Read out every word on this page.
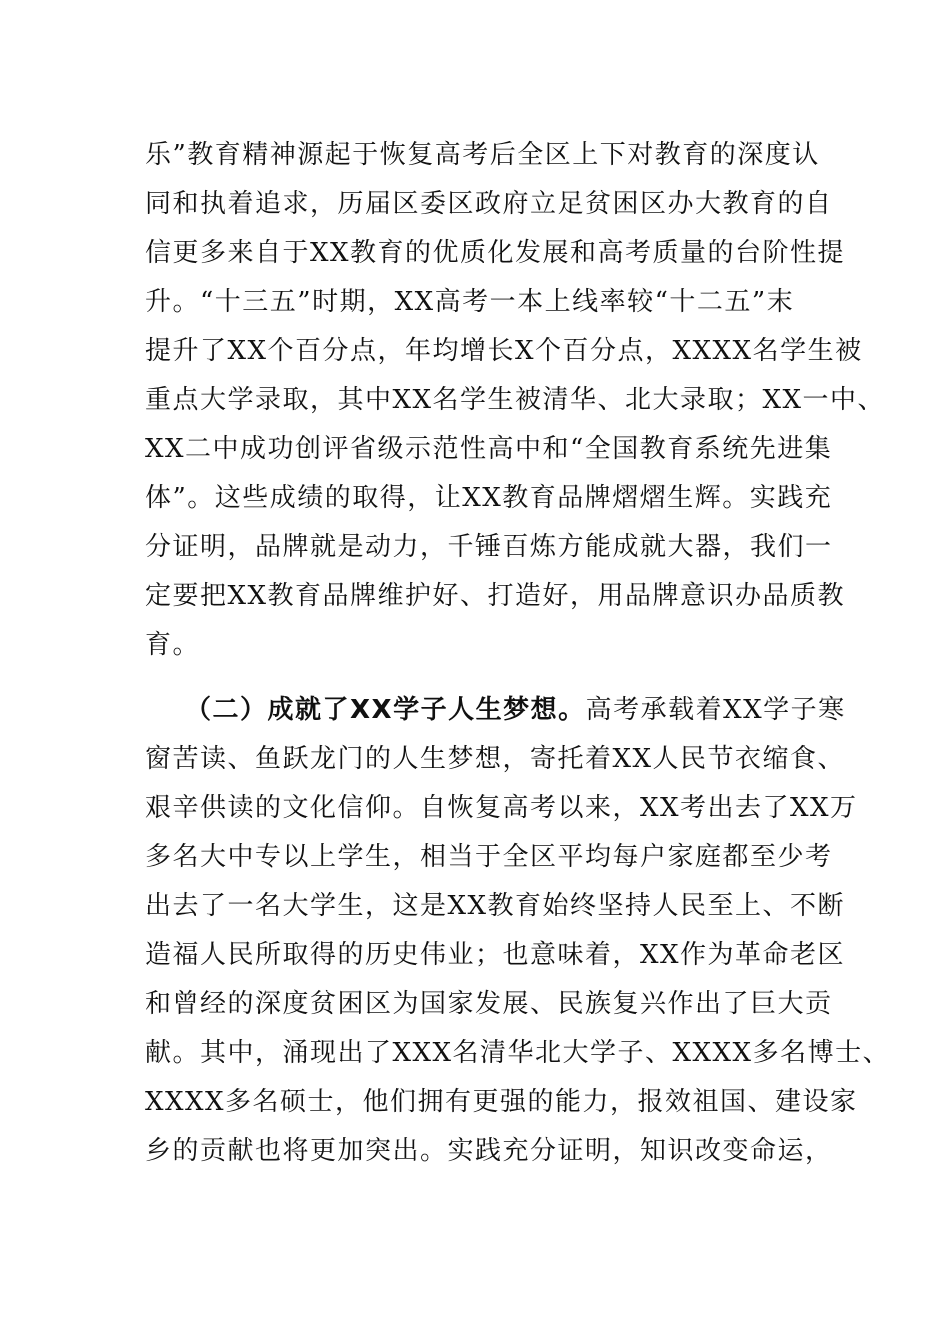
乐”教育精神源起于恢复高考后全区上下对教育的深度认
同和执着追求，历届区委区政府立足贫困区办大教育的自
信更多来自于XX教育的优质化发展和高考质量的台阶性提
升。“十三五”时期，XX高考一本上线率较“十二五”末
提升了XX个百分点，年均增长X个百分点，XXXX名学生被
重点大学录取，其中XX名学生被清华、北大录取；XX一中、
XX二中成功创评省级示范性高中和“全国教育系统先进集
体”。这些成绩的取得，让XX教育品牌熠熠生辉。实践充
分证明，品牌就是动力，千锤百炼方能成就大器，我们一
定要把XX教育品牌维护好、打造好，用品牌意识办品质教
育。
（二）成就了XX学子人生梦想。高考承载着XX学子寒
窗苦读、鱼跃龙门的人生梦想，寄托着XX人民节衣缩食、
艰辛供读的文化信仰。自恢复高考以来，XX考出去了XX万
多名大中专以上学生，相当于全区平均每户家庭都至少考
出去了一名大学生，这是XX教育始终坚持人民至上、不断
造福人民所取得的历史伟业；也意味着，XX作为革命老区
和曾经的深度贫困区为国家发展、民族复兴作出了巨大贡
献。其中，涌现出了XXX名清华北大学子、XXXX多名博士、
XXXX多名硕士，他们拥有更强的能力，报效祖国、建设家
乡的贡献也将更加突出。实践充分证明，知识改变命运，
